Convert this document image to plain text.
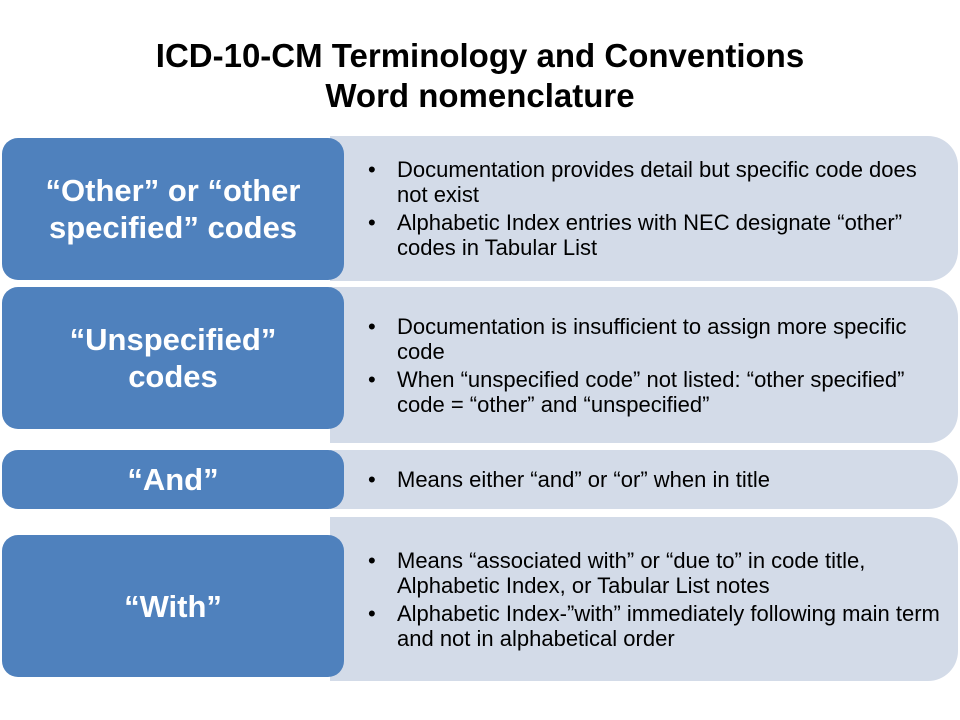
ICD-10-CM Terminology and Conventions
Word nomenclature
• Documentation provides detail but specific code does not exist
• Alphabetic Index entries with NEC designate “other” codes in Tabular List
“Other” or “other
specified” codes
• Documentation is insufficient to assign more specific code
• When “unspecified code” not listed: “other specified” code = “other” and “unspecified”
“Unspecified”
codes
• Means either “and” or “or” when in title
“And”
• Means “associated with” or “due to” in code title, Alphabetic Index, or Tabular List notes
• Alphabetic Index-”with” immediately following main term and not in alphabetical order
“With”
